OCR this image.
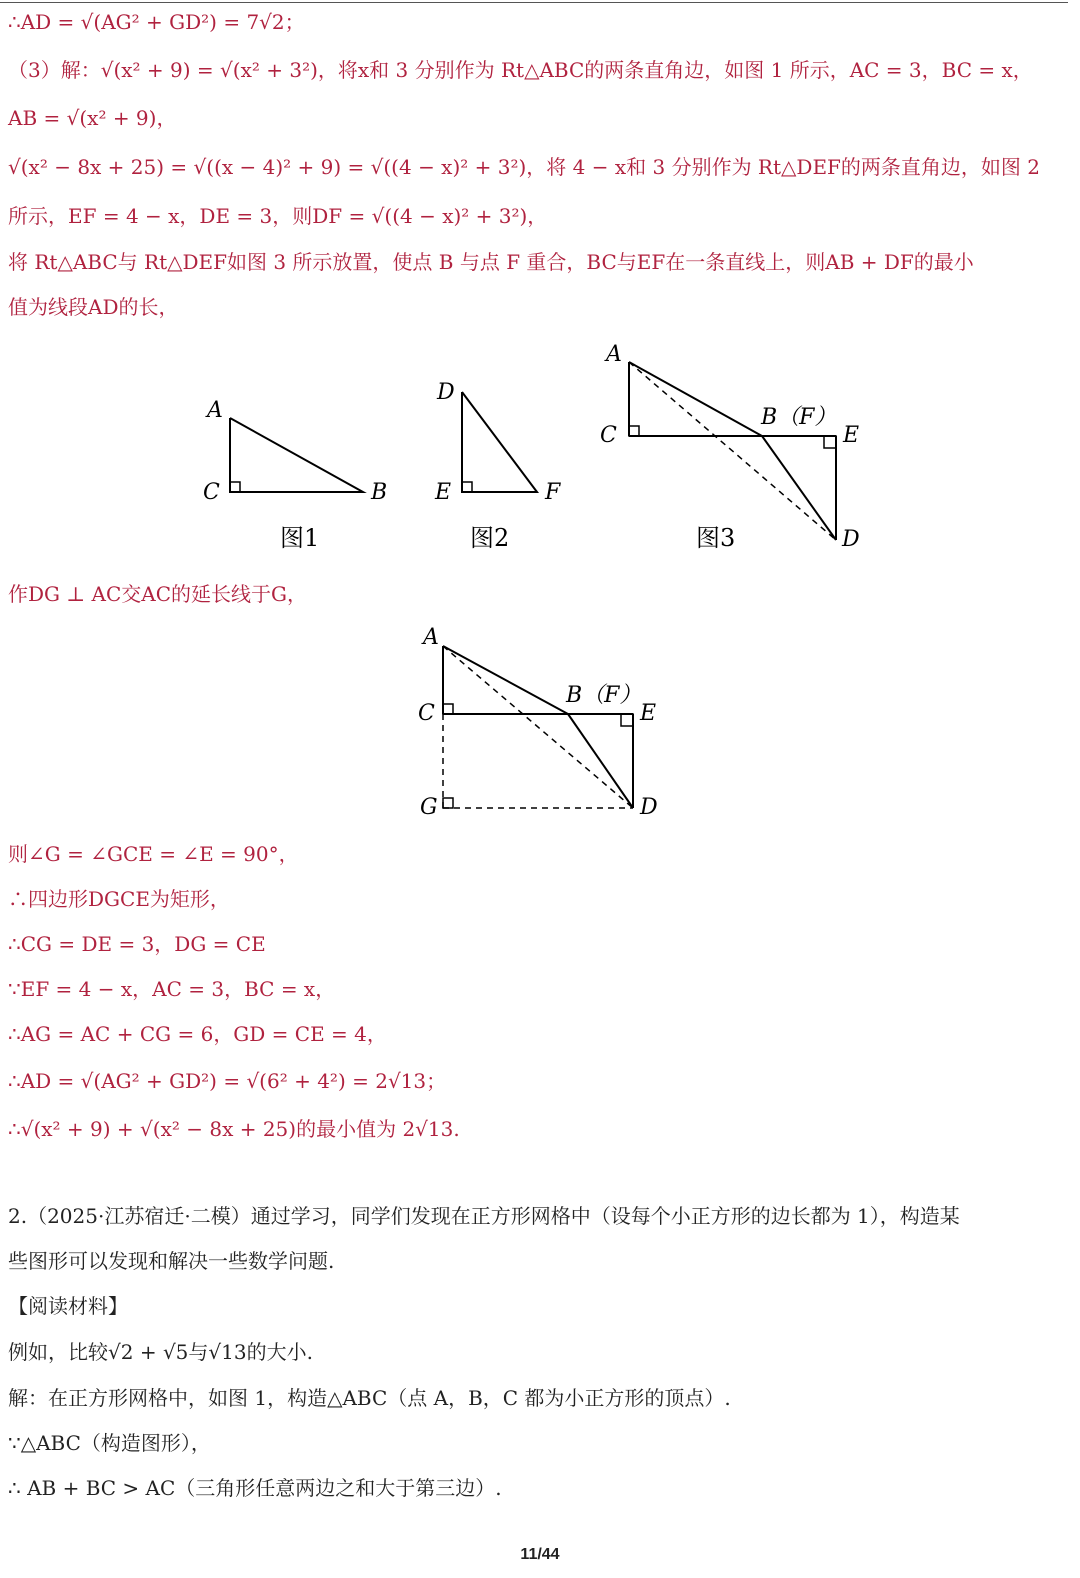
∴AD = √(AG² + GD²) = 7√2；
（3）解：√(x² + 9) = √(x² + 3²)，将x和 3 分别作为 Rt△ABC的两条直角边，如图 1 所示，AC = 3，BC = x，
AB = √(x² + 9)，
√(x² − 8x + 25) = √((x − 4)² + 9) = √((4 − x)² + 3²)，将 4 − x和 3 分别作为 Rt△DEF的两条直角边，如图 2
所示，EF = 4 − x，DE = 3，则DF = √((4 − x)² + 3²)，
将 Rt△ABC与 Rt△DEF如图 3 所示放置，使点 B 与点 F 重合，BC与EF在一条直线上，则AB + DF的最小
值为线段AD的长，
A
C	B
图1
D
E	F
图2
A
C
B（F）
E
D
图3
作DG ⊥ AC交AC的延长线于G，
A
C
B（F）
E
D
G
则∠G = ∠GCE = ∠E = 90°，
∴四边形DGCE为矩形，
∴CG = DE = 3，DG = CE
∵EF = 4 − x，AC = 3，BC = x，
∴AG = AC + CG = 6，GD = CE = 4，
∴AD = √(AG² + GD²) = √(6² + 4²) = 2√13；
∴√(x² + 9) + √(x² − 8x + 25)的最小值为 2√13.
2.（2025·江苏宿迁·二模）通过学习，同学们发现在正方形网格中（设每个小正方形的边长都为 1），构造某
些图形可以发现和解决一些数学问题.
【阅读材料】
例如，比较√2 + √5与√13的大小.
解：在正方形网格中，如图 1，构造△ABC（点 A，B，C 都为小正方形的顶点）.
∵△ABC（构造图形），
∴ AB + BC > AC（三角形任意两边之和大于第三边）.
11/44
